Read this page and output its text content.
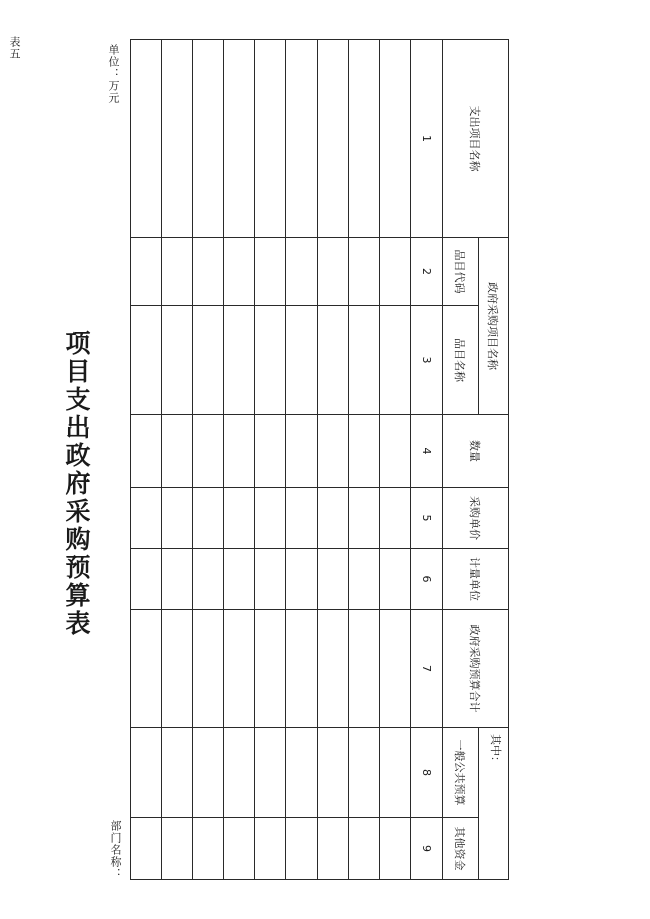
表五
项目支出政府采购预算表
单位：万元
部门名称：
支出项目名称	政府采购项目名称		数量	采购单价	计量单位	政府采购预算合计	其中：	
	品目代码	品目名称					一般公共预算	其他资金
1	2	3	4	5	6	7	8	9
